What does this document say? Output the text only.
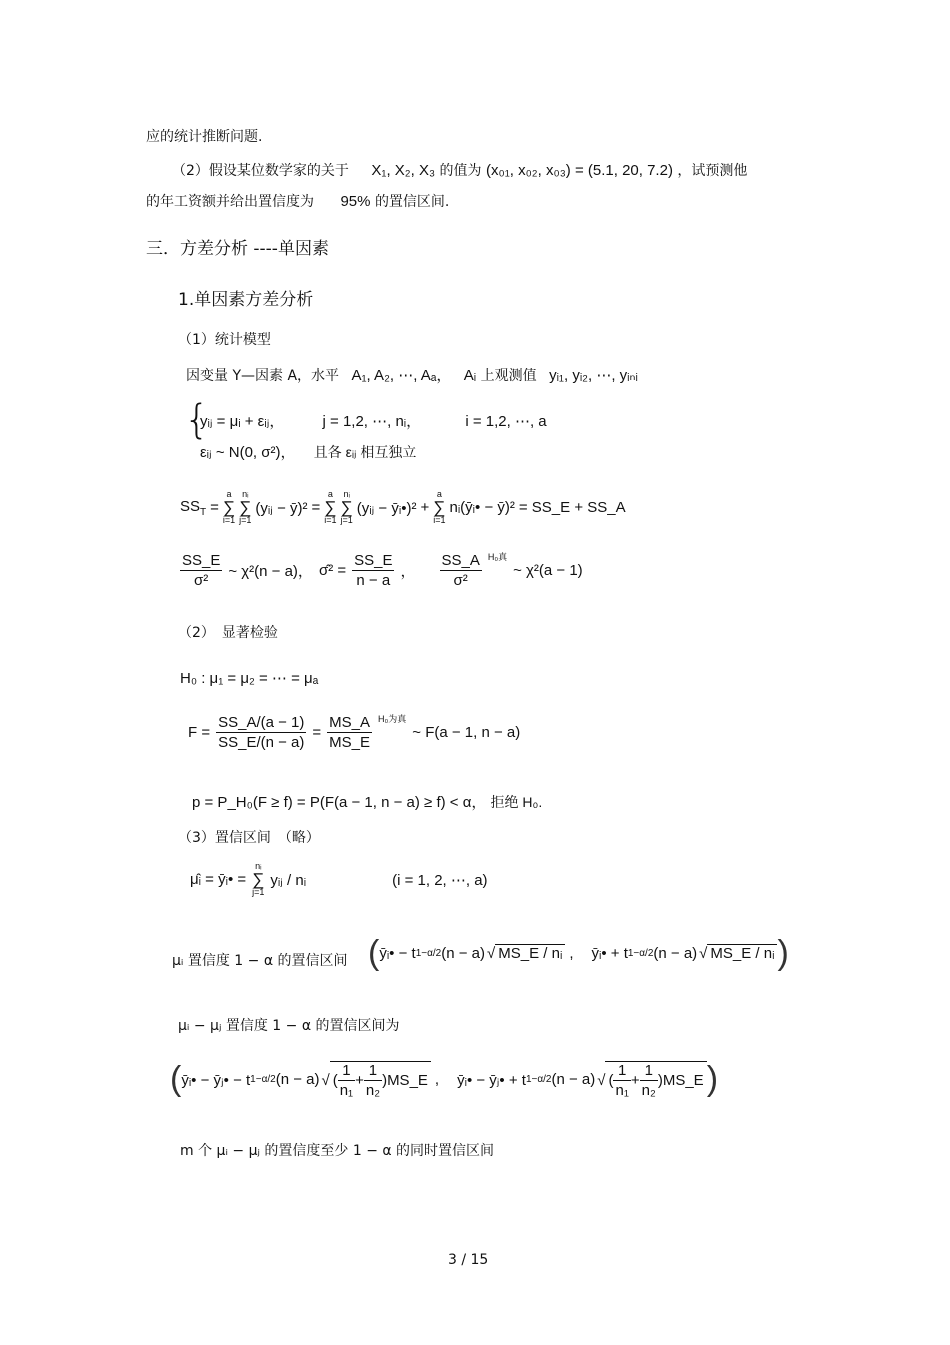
应的统计推断问题.
（2）假设某位数学家的关于 X₁, X₂, X₃ 的值为 (x₀₁, x₀₂, x₀₃) = (5.1, 20, 7.2) ，试预测他
的年工资额并给出置信度为 95% 的置信区间.
三．方差分析 ----单因素
1.单因素方差分析
（1）统计模型
因变量 Y—因素 A，水平 A₁, A₂, ⋯, Aₐ， Aᵢ 上观测值 yᵢ₁, yᵢ₂, ⋯, yᵢₙᵢ
{
yᵢⱼ = μᵢ + εᵢⱼ，	j = 1,2, ⋯, nᵢ，	i = 1,2, ⋯, a
εᵢⱼ ~ N(0, σ²)， 且各 εᵢⱼ 相互独立
$SS_T$ =
a
∑
i=1
nᵢ
∑
j=1
(yᵢⱼ − ȳ)² =
a
∑
i=1
nᵢ
∑
j=1
(yᵢⱼ − ȳᵢ•)² +
a
∑
i=1
nᵢ(ȳᵢ• − ȳ)² = SS_E + SS_A
$\frac{SS\_E}{\text{σ²}}$ ~ χ²(n − a)， σ̂² = $\frac{SS\_E}{n - a}$ ， $\frac{SS\_A}{\text{σ²}} H_0$真
~ χ²(a − 1)
（2）　显著检验
H₀ : μ₁ = μ₂ = ⋯ = μₐ
$F = \frac{SS\_A/(a - 1)}{SS\_E/(n - a)} = \frac{MS\_A}{MS\_E} H_0$为真
~ F(a − 1, n − a)
p = P_H₀(F ≥ f) = P(F(a − 1, n − a) ≥ f) < α， 拒绝 H₀.
（3）置信区间　（略）
μ̂ᵢ = ȳᵢ• =
nᵢ
∑
j=1
yᵢⱼ / nᵢ	(i = 1, 2, ⋯, a)
μᵢ 置信度 1 − α 的置信区间 ( ȳᵢ• − t 1−α/2 (n − a) √ MS_E / nᵢ , ȳᵢ• + t 1−α/2 (n − a) √ MS_E / nᵢ )
μᵢ − μⱼ 置信度 1 − α 的置信区间为
( ȳᵢ• − ȳⱼ• − t 1−α/2 (n − a) √ ( $\frac{1}{\text{n₁}} + \frac{1}{\text{n₂}}$ ) MS_E , ȳᵢ• − ȳⱼ• + t 1−α/2 (n − a) √ ( $\frac{1}{\text{n₁}} + \frac{1}{\text{n₂}}$ ) MS_E )
m 个 μᵢ − μⱼ 的置信度至少 1 − α 的同时置信区间
3 / 15
